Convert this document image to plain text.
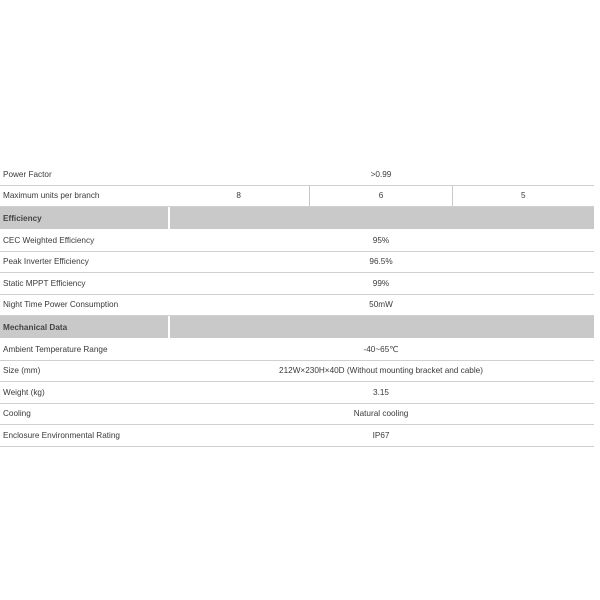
Power Factor	>0.99
Maximum units per branch	8	6	5
Efficiency
CEC Weighted Efficiency	95%
Peak Inverter Efficiency	96.5%
Static MPPT Efficiency	99%
Night Time Power Consumption	50mW
Mechanical Data
Ambient Temperature Range	-40~65℃
Size (mm)	212W×230H×40D (Without mounting bracket and cable)
Weight (kg)	3.15
Cooling	Natural cooling
Enclosure Environmental Rating	IP67
